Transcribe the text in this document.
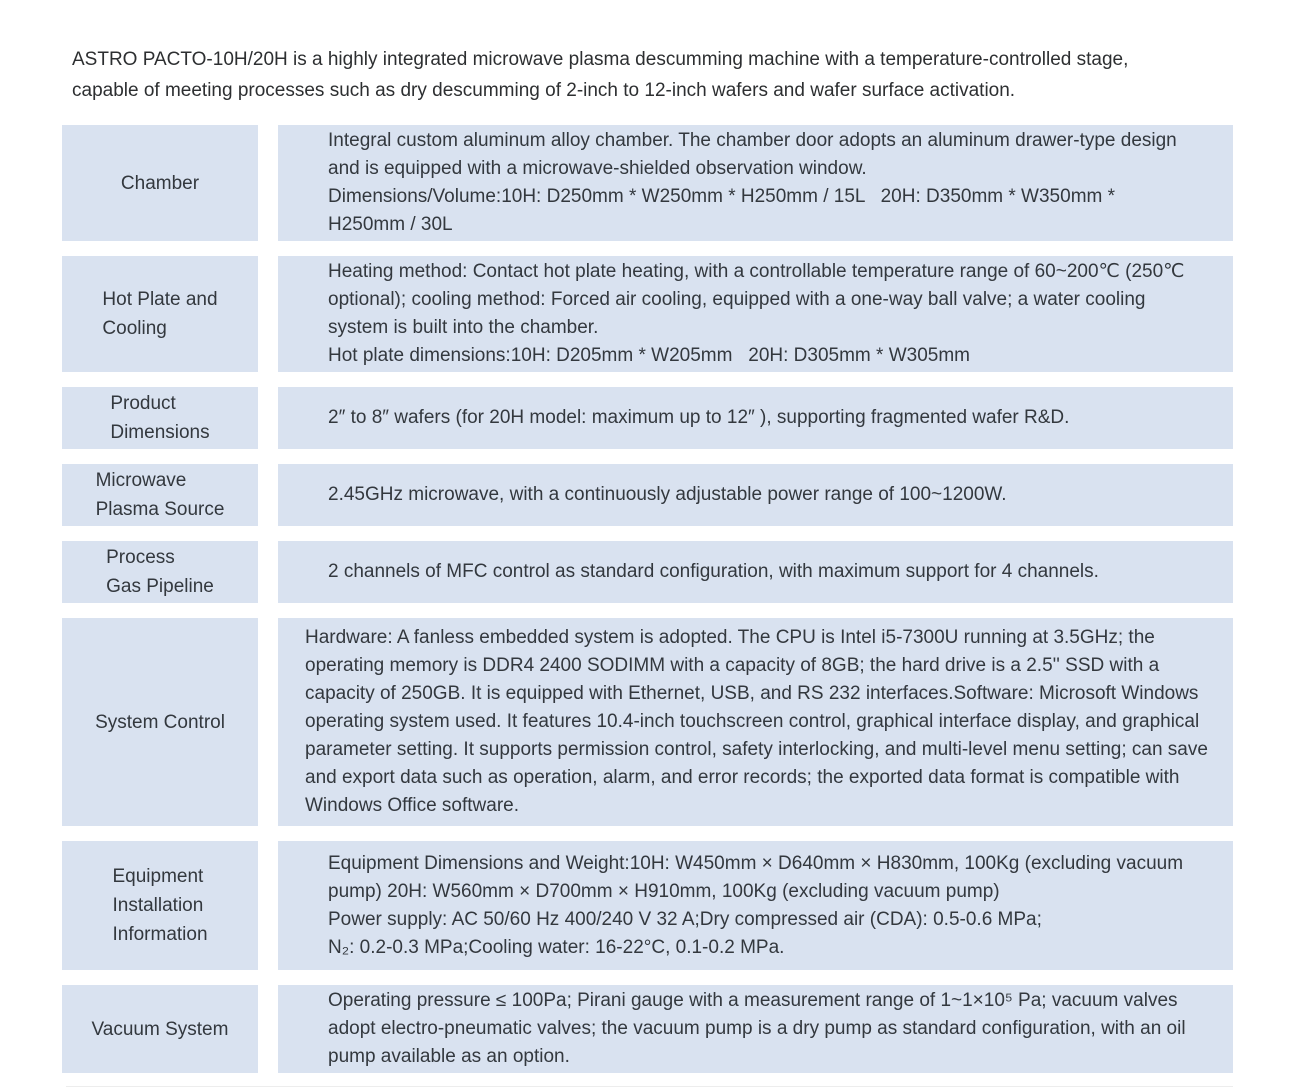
ASTRO PACTO-10H/20H is a highly integrated microwave plasma descumming machine with a temperature-controlled stage, capable of meeting processes such as dry descumming of 2-inch to 12-inch wafers and wafer surface activation.

Chamber
Integral custom aluminum alloy chamber. The chamber door adopts an aluminum drawer-type design and is equipped with a microwave-shielded observation window.
Dimensions/Volume:10H: D250mm * W250mm * H250mm / 15L   20H: D350mm * W350mm * H250mm / 30L
Hot Plate and
Cooling
Heating method: Contact hot plate heating, with a controllable temperature range of 60~200℃ (250℃ optional); cooling method: Forced air cooling, equipped with a one-way ball valve; a water cooling system is built into the chamber.
Hot plate dimensions:10H: D205mm * W205mm   20H: D305mm * W305mm
Product
Dimensions
2″ to 8″ wafers (for 20H model: maximum up to 12″ ), supporting fragmented wafer R&D.
Microwave
Plasma Source
2.45GHz microwave, with a continuously adjustable power range of 100~1200W.
Process
Gas Pipeline
2 channels of MFC control as standard configuration, with maximum support for 4 channels.
System Control
Hardware: A fanless embedded system is adopted. The CPU is Intel i5-7300U running at 3.5GHz; the operating memory is DDR4 2400 SODIMM with a capacity of 8GB; the hard drive is a 2.5'' SSD with a capacity of 250GB. It is equipped with Ethernet, USB, and RS 232 interfaces.Software: Microsoft Windows operating system used. It features 10.4-inch touchscreen control, graphical interface display, and graphical parameter setting. It supports permission control, safety interlocking, and multi-level menu setting; can save and export data such as operation, alarm, and error records; the exported data format is compatible with Windows Office software.
Equipment
Installation
Information
Equipment Dimensions and Weight:10H: W450mm × D640mm × H830mm, 100Kg (excluding vacuum pump) 20H: W560mm × D700mm × H910mm, 100Kg (excluding vacuum pump)
Power supply: AC 50/60 Hz 400/240 V 32 A;Dry compressed air (CDA): 0.5-0.6 MPa;
N₂: 0.2-0.3 MPa;Cooling water: 16-22°C, 0.1-0.2 MPa.
Vacuum System
Operating pressure ≤ 100Pa; Pirani gauge with a measurement range of 1~1×10⁵ Pa; vacuum valves adopt electro-pneumatic valves; the vacuum pump is a dry pump as standard configuration, with an oil pump available as an option.
